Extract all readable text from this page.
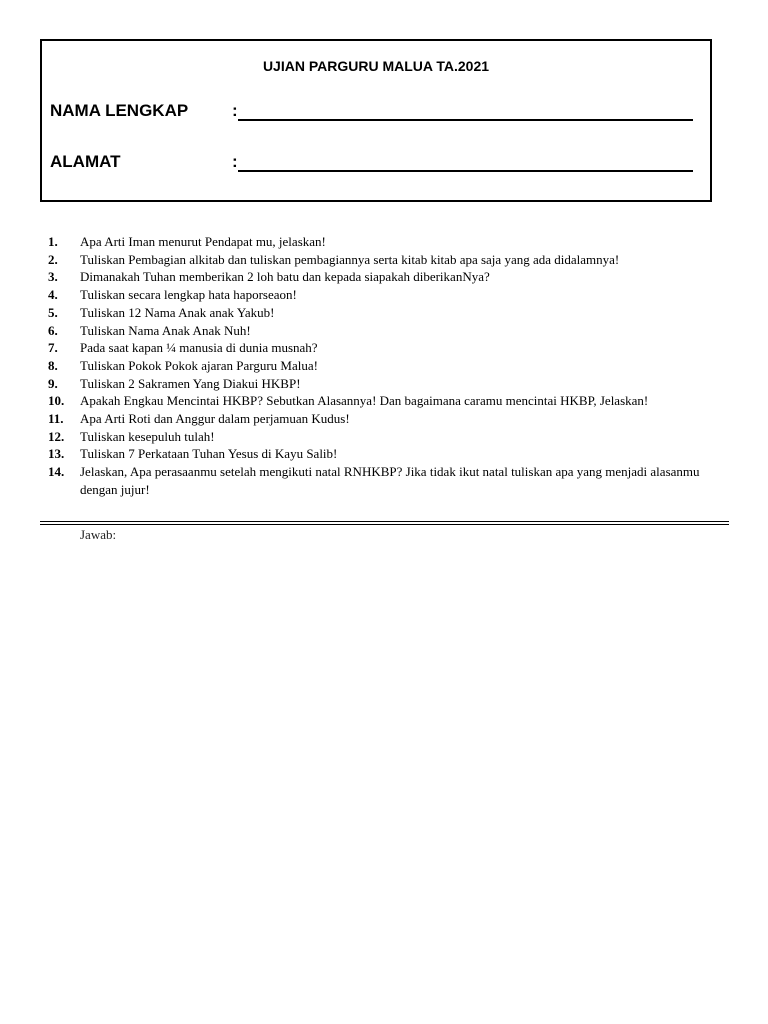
UJIAN PARGURU MALUA TA.2021
NAMA LENGKAP	:
ALAMAT	:
1.	Apa Arti Iman menurut Pendapat mu, jelaskan!
2.	Tuliskan Pembagian alkitab dan tuliskan pembagiannya serta kitab kitab apa saja yang ada didalamnya!
3.	Dimanakah Tuhan memberikan 2 loh batu dan kepada siapakah diberikanNya?
4.	Tuliskan secara lengkap hata haporseaon!
5.	Tuliskan 12 Nama Anak anak Yakub!
6.	Tuliskan Nama Anak Anak Nuh!
7.	Pada saat kapan ¼ manusia di dunia musnah?
8.	Tuliskan Pokok Pokok ajaran Parguru Malua!
9.	Tuliskan 2 Sakramen Yang Diakui HKBP!
10.	Apakah Engkau Mencintai HKBP? Sebutkan Alasannya! Dan bagaimana caramu mencintai HKBP, Jelaskan!
11.	Apa Arti Roti dan Anggur dalam perjamuan Kudus!
12.	Tuliskan kesepuluh tulah!
13.	Tuliskan 7 Perkataan Tuhan Yesus di Kayu Salib!
14.	Jelaskan, Apa perasaanmu setelah mengikuti natal RNHKBP? Jika tidak ikut natal tuliskan apa yang menjadi alasanmu dengan jujur!
Jawab:
